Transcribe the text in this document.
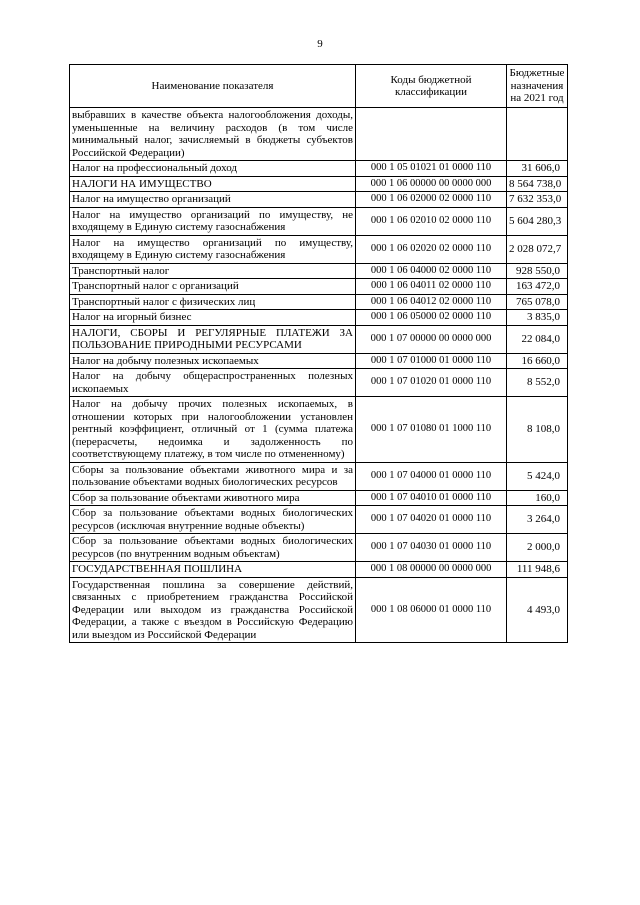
9
Наименование показателя	Коды бюджетной классификации	Бюджетные назначения на 2021 год
выбравших в качестве объекта налогообложения доходы, уменьшенные на величину расходов (в том числе минимальный налог, зачисляемый в бюджеты субъектов Российской Федерации)		
Налог на профессиональный доход	000 1 05 01021 01 0000 110	31 606,0
НАЛОГИ НА ИМУЩЕСТВО	000 1 06 00000 00 0000 000	8 564 738,0
Налог на имущество организаций	000 1 06 02000 02 0000 110	7 632 353,0
Налог на имущество организаций по имуществу, не входящему в Единую систему газоснабжения	000 1 06 02010 02 0000 110	5 604 280,3
Налог на имущество организаций по имуществу, входящему в Единую систему газоснабжения	000 1 06 02020 02 0000 110	2 028 072,7
Транспортный налог	000 1 06 04000 02 0000 110	928 550,0
Транспортный налог с организаций	000 1 06 04011 02 0000 110	163 472,0
Транспортный налог с физических лиц	000 1 06 04012 02 0000 110	765 078,0
Налог на игорный бизнес	000 1 06 05000 02 0000 110	3 835,0
НАЛОГИ, СБОРЫ И РЕГУЛЯРНЫЕ ПЛАТЕЖИ ЗА ПОЛЬЗОВАНИЕ ПРИРОДНЫМИ РЕСУРСАМИ	000 1 07 00000 00 0000 000	22 084,0
Налог на добычу полезных ископаемых	000 1 07 01000 01 0000 110	16 660,0
Налог на добычу общераспространенных полезных ископаемых	000 1 07 01020 01 0000 110	8 552,0
Налог на добычу прочих полезных ископаемых, в отношении которых при налогообложении установлен рентный коэффициент, отличный от 1 (сумма платежа (перерасчеты, недоимка и задолженность по соответствующему платежу, в том числе по отмененному)	000 1 07 01080 01 1000 110	8 108,0
Сборы за пользование объектами животного мира и за пользование объектами водных биологических ресурсов	000 1 07 04000 01 0000 110	5 424,0
Сбор за пользование объектами животного мира	000 1 07 04010 01 0000 110	160,0
Сбор за пользование объектами водных биологических ресурсов (исключая внутренние водные объекты)	000 1 07 04020 01 0000 110	3 264,0
Сбор за пользование объектами водных биологических ресурсов (по внутренним водным объектам)	000 1 07 04030 01 0000 110	2 000,0
ГОСУДАРСТВЕННАЯ ПОШЛИНА	000 1 08 00000 00 0000 000	111 948,6
Государственная пошлина за совершение действий, связанных с приобретением гражданства Российской Федерации или выходом из гражданства Российской Федерации, а также с въездом в Российскую Федерацию или выездом из Российской Федерации	000 1 08 06000 01 0000 110	4 493,0
